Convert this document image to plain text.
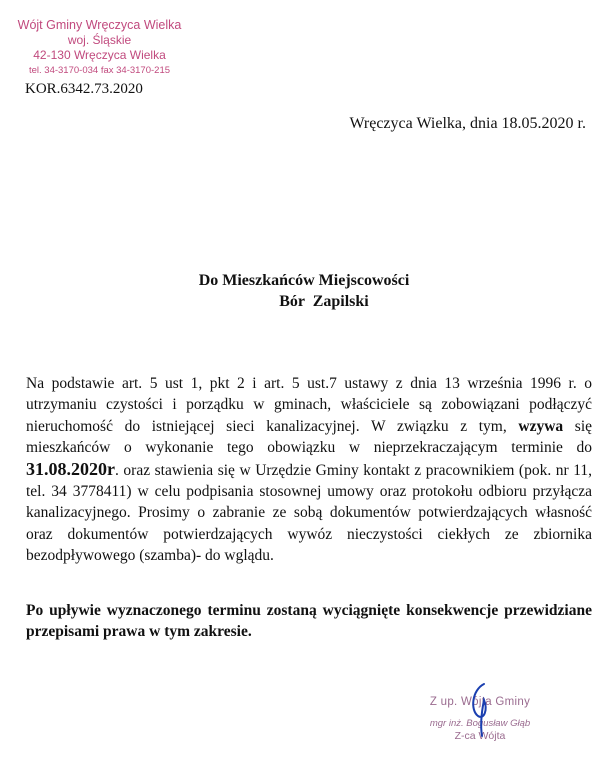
Wójt Gminy Wręczyca Wielka
woj. Śląskie
42-130 Wręczyca Wielka
tel. 34-3170-034 fax 34-3170-215
KOR.6342.73.2020
Wręczyca Wielka, dnia 18.05.2020 r.
Do Mieszkańców Miejscowości
Bór  Zapilski
Na podstawie art. 5 ust 1, pkt 2 i art. 5 ust.7 ustawy z dnia 13 września 1996 r. o utrzymaniu czystości i porządku w gminach, właściciele są zobowiązani podłączyć nieruchomość do istniejącej sieci kanalizacyjnej. W związku z tym, wzywa się mieszkańców o wykonanie tego obowiązku w nieprzekraczającym terminie do 31.08.2020r. oraz stawienia się w Urzędzie Gminy kontakt z pracownikiem (pok. nr 11, tel. 34 3778411) w celu podpisania stosownej umowy oraz protokołu odbioru przyłącza kanalizacyjnego. Prosimy o zabranie ze sobą dokumentów potwierdzających własność oraz dokumentów potwierdzających wywóz nieczystości ciekłych ze zbiornika bezodpływowego (szamba)- do wglądu.
Po upływie wyznaczonego terminu zostaną wyciągnięte konsekwencje przewidziane przepisami prawa w tym zakresie.
Z up. Wójta Gminy
mgr inż. Bogusław Głąb
Z-ca Wójta
